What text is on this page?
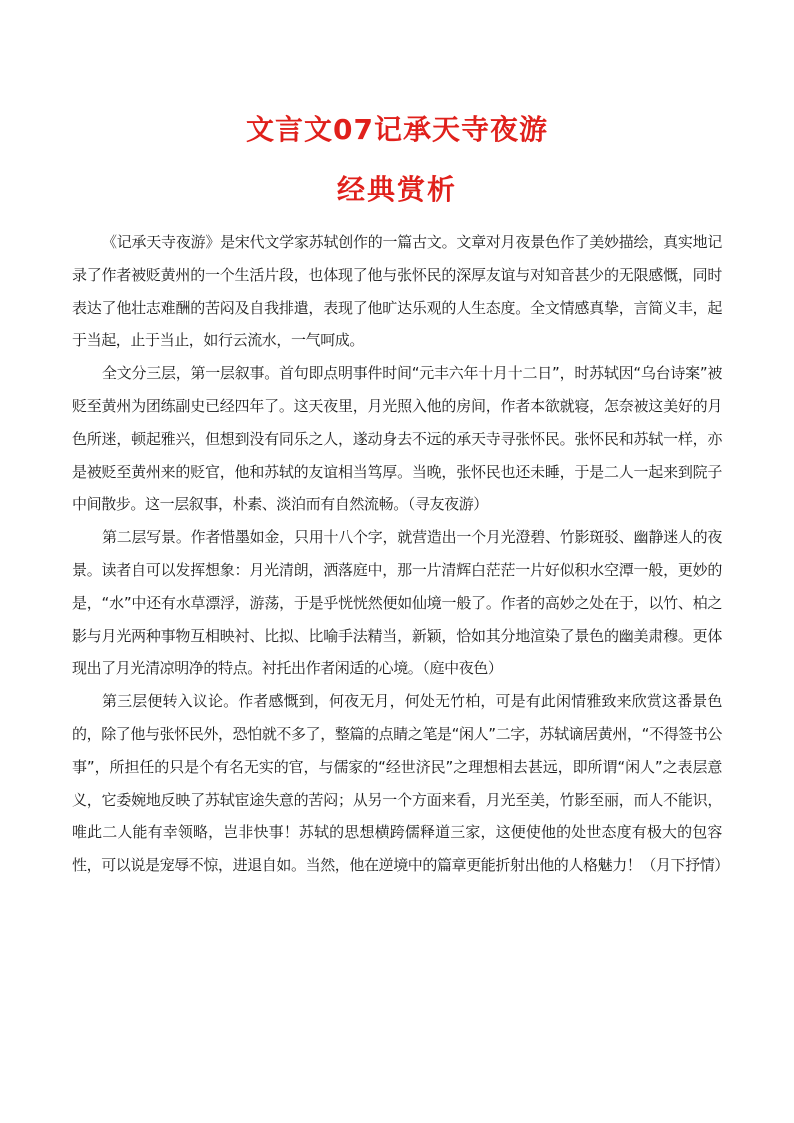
文言文07记承天寺夜游
经典赏析

《记承天寺夜游》是宋代文学家苏轼创作的一篇古文。文章对月夜景色作了美妙描绘，真实地记录了作者被贬黄州的一个生活片段，也体现了他与张怀民的深厚友谊与对知音甚少的无限感慨，同时表达了他壮志难酬的苦闷及自我排遣，表现了他旷达乐观的人生态度。全文情感真挚，言简义丰，起于当起，止于当止，如行云流水，一气呵成。

全文分三层，第一层叙事。首句即点明事件时间“元丰六年十月十二日”，时苏轼因“乌台诗案”被贬至黄州为团练副史已经四年了。这天夜里，月光照入他的房间，作者本欲就寝，怎奈被这美好的月色所迷，顿起雅兴，但想到没有同乐之人，遂动身去不远的承天寺寻张怀民。张怀民和苏轼一样，亦是被贬至黄州来的贬官，他和苏轼的友谊相当笃厚。当晚，张怀民也还未睡，于是二人一起来到院子中间散步。这一层叙事，朴素、淡泊而有自然流畅。（寻友夜游）

第二层写景。作者惜墨如金，只用十八个字，就营造出一个月光澄碧、竹影斑驳、幽静迷人的夜景。读者自可以发挥想象：月光清朗，洒落庭中，那一片清辉白茫茫一片好似积水空潭一般，更妙的是，“水”中还有水草漂浮，游荡，于是乎恍恍然便如仙境一般了。作者的高妙之处在于，以竹、柏之影与月光两种事物互相映衬、比拟、比喻手法精当，新颖，恰如其分地渲染了景色的幽美肃穆。更体现出了月光清凉明净的特点。衬托出作者闲适的心境。（庭中夜色）

第三层便转入议论。作者感慨到，何夜无月，何处无竹柏，可是有此闲情雅致来欣赏这番景色的，除了他与张怀民外，恐怕就不多了，整篇的点睛之笔是“闲人”二字，苏轼谪居黄州，“不得签书公事”，所担任的只是个有名无实的官，与儒家的“经世济民”之理想相去甚远，即所谓“闲人”之表层意义，它委婉地反映了苏轼宦途失意的苦闷；从另一个方面来看，月光至美，竹影至丽，而人不能识，唯此二人能有幸领略，岂非快事！苏轼的思想横跨儒释道三家，这便使他的处世态度有极大的包容性，可以说是宠辱不惊，进退自如。当然，他在逆境中的篇章更能折射出他的人格魅力！（月下抒情）
